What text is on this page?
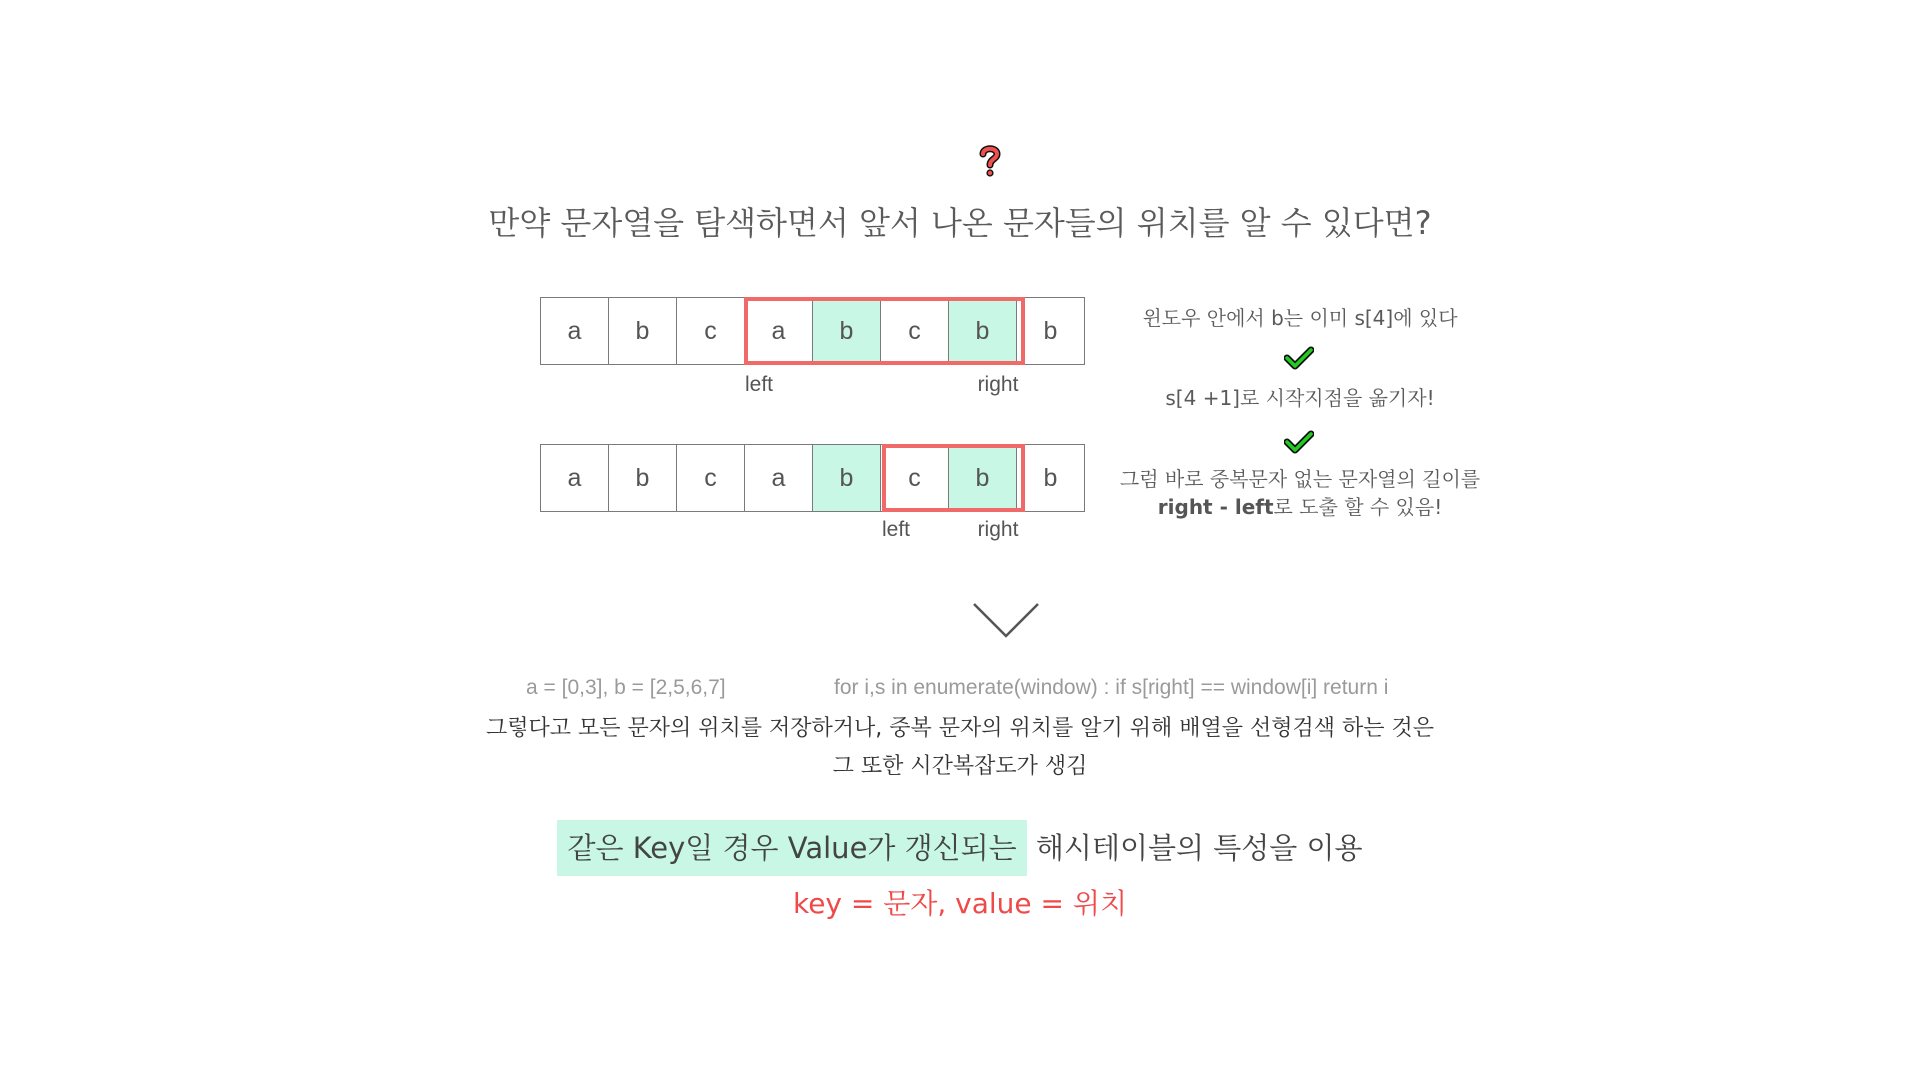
만약 문자열을 탐색하면서 앞서 나온 문자들의 위치를 알 수 있다면?
a	b	c	a	b	c	b	b
left	right
a	b	c	a	b	c	b	b
left	right
윈도우 안에서 b는 이미 s[4]에 있다
s[4 +1]로 시작지점을 옮기자!
그럼 바로 중복문자 없는 문자열의 길이를
right - left로 도출 할 수 있음!
a = [0,3], b = [2,5,6,7]	for i,s in enumerate(window) : if s[right] == window[i] return i
그렇다고 모든 문자의 위치를 저장하거나, 중복 문자의 위치를 알기 위해 배열을 선형검색 하는 것은
그 또한 시간복잡도가 생김
같은 Key일 경우 Value가 갱신되는 해시테이블의 특성을 이용
key = 문자, value = 위치
